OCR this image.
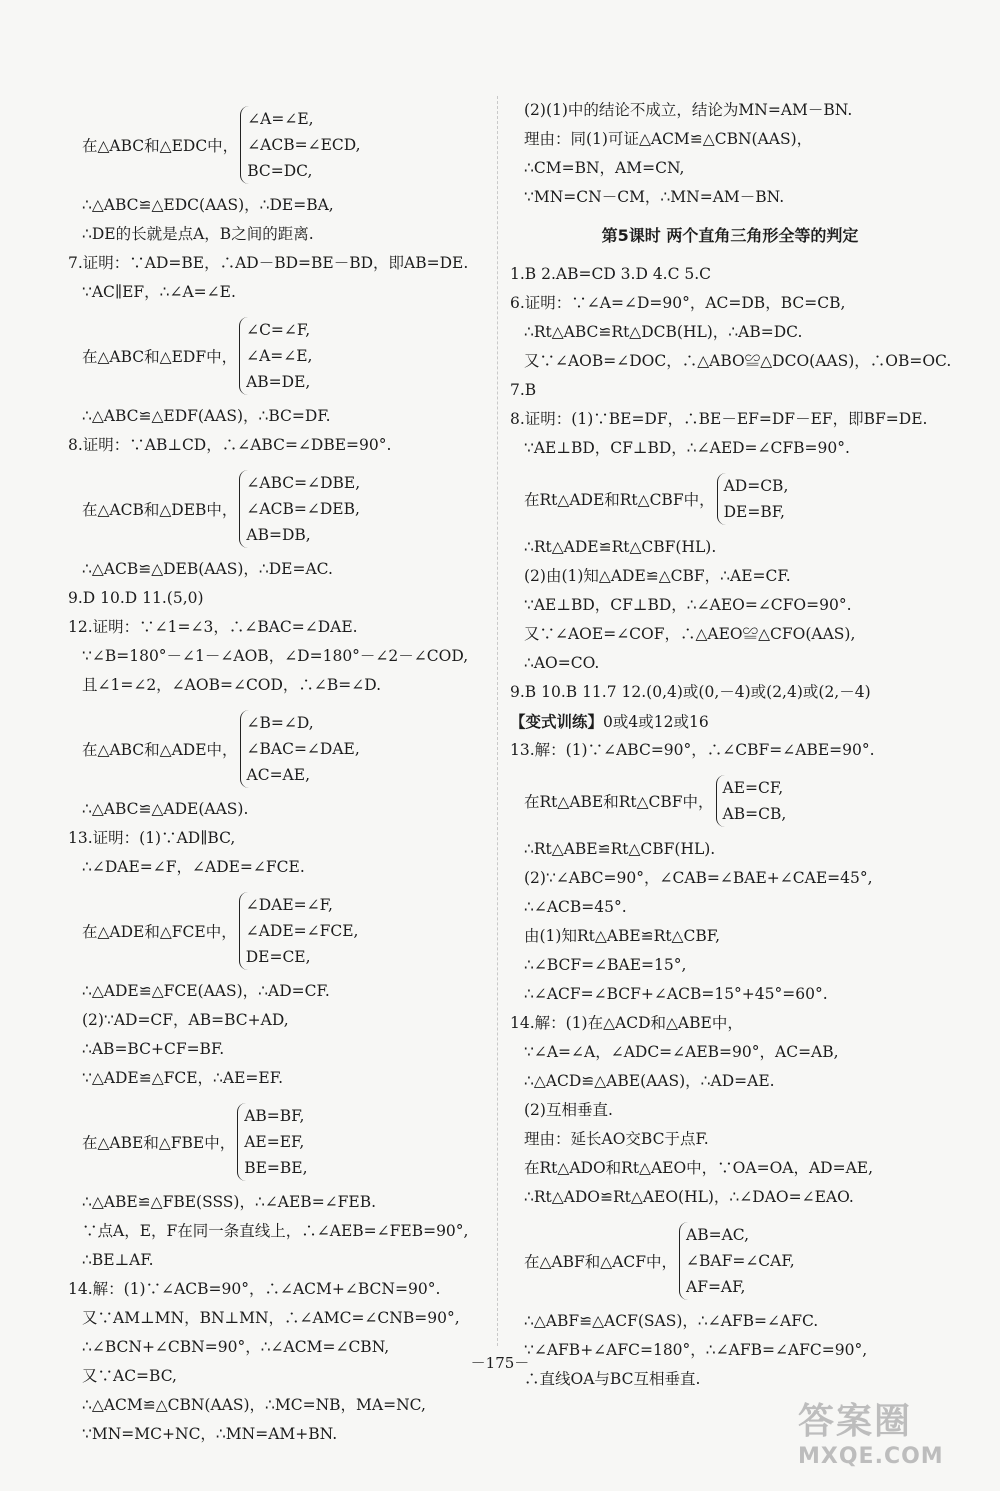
在△ABC和△EDC中，
∠A=∠E,
∠ACB=∠ECD,
BC=DC,
∴△ABC≌△EDC(AAS)，∴DE=BA,
∴DE的长就是点A，B之间的距离.
7.证明：∵AD=BE，∴AD－BD=BE－BD，即AB=DE.
∵AC∥EF，∴∠A=∠E.
在△ABC和△EDF中，
∠C=∠F,
∠A=∠E,
AB=DE,
∴△ABC≌△EDF(AAS)，∴BC=DF.
8.证明：∵AB⊥CD，∴∠ABC=∠DBE=90°.
在△ACB和△DEB中，
∠ABC=∠DBE,
∠ACB=∠DEB,
AB=DB,
∴△ACB≌△DEB(AAS)，∴DE=AC.
9.D 10.D 11.(5,0)
12.证明：∵∠1=∠3，∴∠BAC=∠DAE.
∵∠B=180°－∠1－∠AOB，∠D=180°－∠2－∠COD,
且∠1=∠2，∠AOB=∠COD，∴∠B=∠D.
在△ABC和△ADE中，
∠B=∠D,
∠BAC=∠DAE,
AC=AE,
∴△ABC≌△ADE(AAS).
13.证明：(1)∵AD∥BC,
∴∠DAE=∠F，∠ADE=∠FCE.
在△ADE和△FCE中，
∠DAE=∠F,
∠ADE=∠FCE,
DE=CE,
∴△ADE≌△FCE(AAS)，∴AD=CF.
(2)∵AD=CF，AB=BC+AD,
∴AB=BC+CF=BF.
∵△ADE≌△FCE，∴AE=EF.
在△ABE和△FBE中，
AB=BF,
AE=EF,
BE=BE,
∴△ABE≌△FBE(SSS)，∴∠AEB=∠FEB.
∵点A，E，F在同一条直线上，∴∠AEB=∠FEB=90°,
∴BE⊥AF.
14.解：(1)∵∠ACB=90°，∴∠ACM+∠BCN=90°.
又∵AM⊥MN，BN⊥MN，∴∠AMC=∠CNB=90°,
∴∠BCN+∠CBN=90°，∴∠ACM=∠CBN,
又∵AC=BC,
∴△ACM≌△CBN(AAS)，∴MC=NB，MA=NC,
∵MN=MC+NC，∴MN=AM+BN.
(2)(1)中的结论不成立，结论为MN=AM－BN.
理由：同(1)可证△ACM≌△CBN(AAS)，
∴CM=BN，AM=CN,
∵MN=CN－CM，∴MN=AM－BN.
第5课时 两个直角三角形全等的判定
1.B 2.AB=CD 3.D 4.C 5.C
6.证明：∵∠A=∠D=90°，AC=DB，BC=CB,
∴Rt△ABC≌Rt△DCB(HL)，∴AB=DC.
又∵∠AOB=∠DOC，∴△ABO≌△DCO(AAS)，∴OB=OC.
7.B
8.证明：(1)∵BE=DF，∴BE－EF=DF－EF，即BF=DE.
∵AE⊥BD，CF⊥BD，∴∠AED=∠CFB=90°.
在Rt△ADE和Rt△CBF中，
AD=CB,
DE=BF,
∴Rt△ADE≌Rt△CBF(HL).
(2)由(1)知△ADE≌△CBF，∴AE=CF.
∵AE⊥BD，CF⊥BD，∴∠AEO=∠CFO=90°.
又∵∠AOE=∠COF，∴△AEO≌△CFO(AAS),
∴AO=CO.
9.B 10.B 11.7 12.(0,4)或(0,－4)或(2,4)或(2,－4)
【变式训练】0或4或12或16
13.解：(1)∵∠ABC=90°，∴∠CBF=∠ABE=90°.
在Rt△ABE和Rt△CBF中，
AE=CF,
AB=CB,
∴Rt△ABE≌Rt△CBF(HL).
(2)∵∠ABC=90°，∠CAB=∠BAE+∠CAE=45°,
∴∠ACB=45°.
由(1)知Rt△ABE≌Rt△CBF,
∴∠BCF=∠BAE=15°,
∴∠ACF=∠BCF+∠ACB=15°+45°=60°.
14.解：(1)在△ACD和△ABE中，
∵∠A=∠A，∠ADC=∠AEB=90°，AC=AB,
∴△ACD≌△ABE(AAS)，∴AD=AE.
(2)互相垂直.
理由：延长AO交BC于点F.
在Rt△ADO和Rt△AEO中，∵OA=OA，AD=AE,
∴Rt△ADO≌Rt△AEO(HL)，∴∠DAO=∠EAO.
在△ABF和△ACF中，
AB=AC,
∠BAF=∠CAF,
AF=AF,
∴△ABF≌△ACF(SAS)，∴∠AFB=∠AFC.
∵∠AFB+∠AFC=180°，∴∠AFB=∠AFC=90°,
∴直线OA与BC互相垂直.
－175－
答案圈
MXQE.COM
